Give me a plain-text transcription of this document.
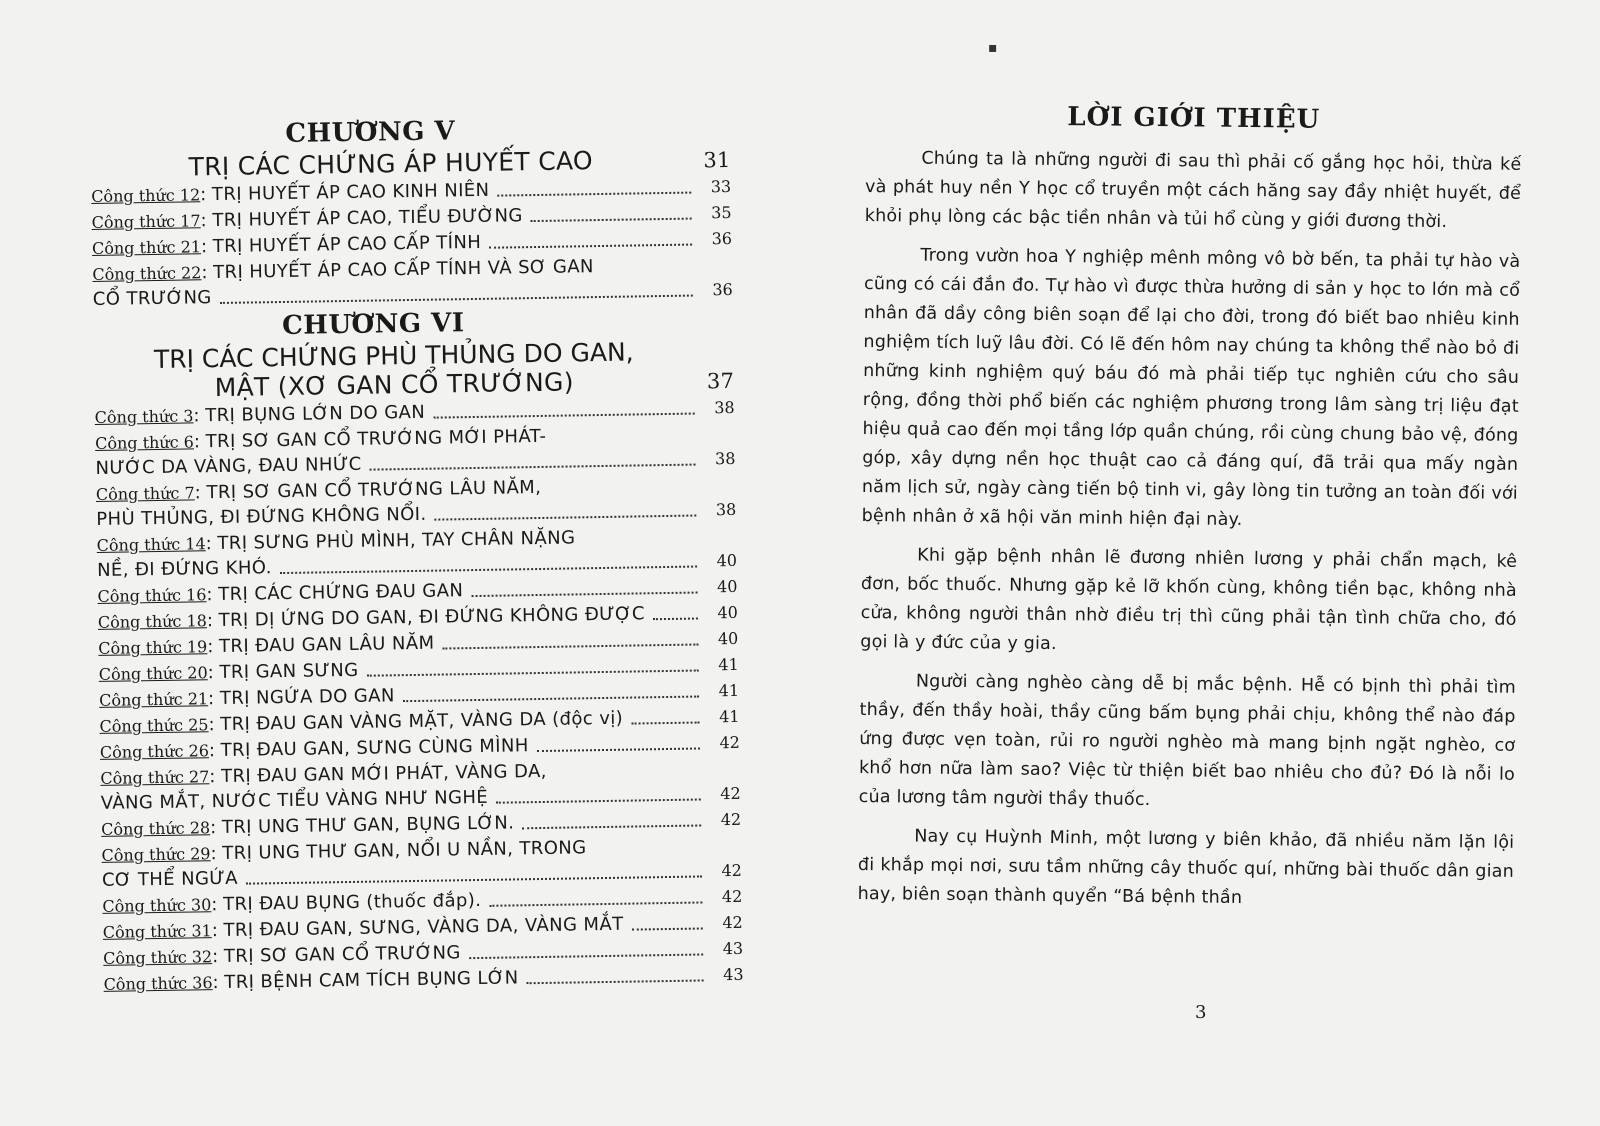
CHƯƠNG V
TRỊ CÁC CHỨNG ÁP HUYẾT CAO	31
Công thức 12 : TRỊ HUYẾT ÁP CAO KINH NIÊN	33
Công thức 17 : TRỊ HUYẾT ÁP CAO, TIỂU ĐƯỜNG	35
Công thức 21 : TRỊ HUYẾT ÁP CAO CẤP TÍNH	36
Công thức 22 : TRỊ HUYẾT ÁP CAO CẤP TÍNH VÀ SƠ GAN
CỔ TRƯỚNG	36
CHƯƠNG VI
TRỊ CÁC CHỨNG PHÙ THỦNG DO GAN,
MẬT (XƠ GAN CỔ TRƯỚNG)	37
Công thức 3 : TRỊ BỤNG LỚN DO GAN	38
Công thức 6 : TRỊ SƠ GAN CỔ TRƯỚNG MỚI PHÁT-
NƯỚC DA VÀNG, ĐAU NHỨC	38
Công thức 7 : TRỊ SƠ GAN CỔ TRƯỚNG LÂU NĂM,
PHÙ THỦNG, ĐI ĐỨNG KHÔNG NỔI.	38
Công thức 14 : TRỊ SƯNG PHÙ MÌNH, TAY CHÂN NẶNG
NỀ, ĐI ĐỨNG KHÓ.	40
Công thức 16 : TRỊ CÁC CHỨNG ĐAU GAN	40
Công thức 18 : TRỊ DỊ ỨNG DO GAN, ĐI ĐỨNG KHÔNG ĐƯỢC	40
Công thức 19 : TRỊ ĐAU GAN LÂU NĂM	40
Công thức 20 : TRỊ GAN SƯNG	41
Công thức 21 : TRỊ NGỨA DO GAN	41
Công thức 25 : TRỊ ĐAU GAN VÀNG MẶT, VÀNG DA (độc vị)	41
Công thức 26 : TRỊ ĐAU GAN, SƯNG CÙNG MÌNH	42
Công thức 27 : TRỊ ĐAU GAN MỚI PHÁT, VÀNG DA,
VÀNG MẮT, NƯỚC TIỂU VÀNG NHƯ NGHỆ	42
Công thức 28 : TRỊ UNG THƯ GAN, BỤNG LỚN.	42
Công thức 29 : TRỊ UNG THƯ GAN, NỔI U NẦN, TRONG
CƠ THỂ NGỨA	42
Công thức 30 : TRỊ ĐAU BỤNG (thuốc đắp).	42
Công thức 31 : TRỊ ĐAU GAN, SƯNG, VÀNG DA, VÀNG MẮT	42
Công thức 32 : TRỊ SƠ GAN CỔ TRƯỚNG	43
Công thức 36 : TRỊ BỆNH CAM TÍCH BỤNG LỚN	43
▪
LỜI GIỚI THIỆU

Chúng ta là những người đi sau thì phải cố gắng học hỏi, thừa kế và phát huy nền Y học cổ truyền một cách hăng say đầy nhiệt huyết, để khỏi phụ lòng các bậc tiền nhân và tủi hổ cùng y giới đương thời.

Trong vườn hoa Y nghiệp mênh mông vô bờ bến, ta phải tự hào và cũng có cái đắn đo. Tự hào vì được thừa hưởng di sản y học to lớn mà cổ nhân đã dầy công biên soạn để lại cho đời, trong đó biết bao nhiêu kinh nghiệm tích luỹ lâu đời. Có lẽ đến hôm nay chúng ta không thể nào bỏ đi những kinh nghiệm quý báu đó mà phải tiếp tục nghiên cứu cho sâu rộng, đồng thời phổ biến các nghiệm phương trong lâm sàng trị liệu đạt hiệu quả cao đến mọi tầng lớp quần chúng, rồi cùng chung bảo vệ, đóng góp, xây dựng nền học thuật cao cả đáng quí, đã trải qua mấy ngàn năm lịch sử, ngày càng tiến bộ tinh vi, gây lòng tin tưởng an toàn đối với bệnh nhân ở xã hội văn minh hiện đại này.

Khi gặp bệnh nhân lẽ đương nhiên lương y phải chẩn mạch, kê đơn, bốc thuốc. Nhưng gặp kẻ lỡ khốn cùng, không tiền bạc, không nhà cửa, không người thân nhờ điều trị thì cũng phải tận tình chữa cho, đó gọi là y đức của y gia.

Người càng nghèo càng dễ bị mắc bệnh. Hễ có bịnh thì phải tìm thầy, đến thầy hoài, thầy cũng bấm bụng phải chịu, không thể nào đáp ứng được vẹn toàn, rủi ro người nghèo mà mang bịnh ngặt nghèo, cơ khổ hơn nữa làm sao? Việc từ thiện biết bao nhiêu cho đủ? Đó là nỗi lo của lương tâm người thầy thuốc.

Nay cụ Huỳnh Minh, một lương y biên khảo, đã nhiều năm lặn lội đi khắp mọi nơi, sưu tầm những cây thuốc quí, những bài thuốc dân gian hay, biên soạn thành quyển “Bá bệnh thần

3
